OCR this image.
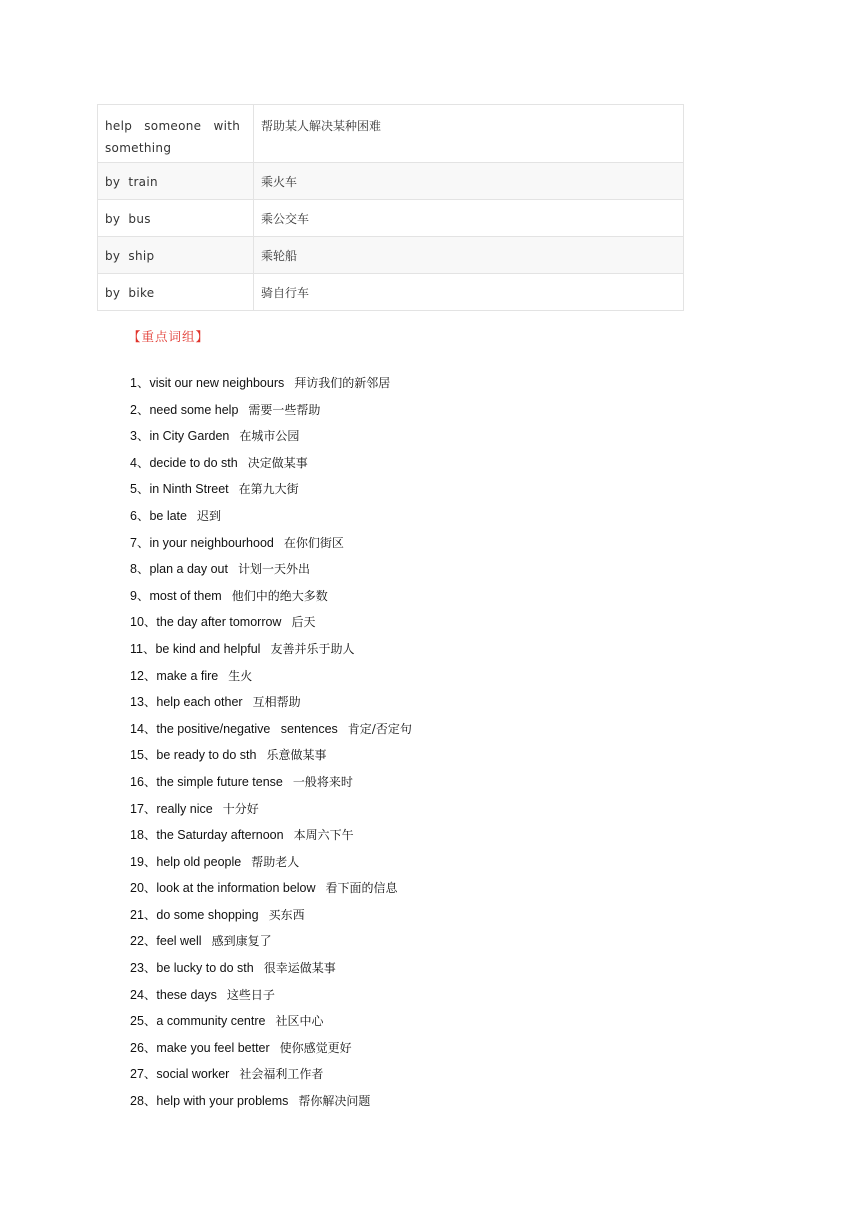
help someone with something	帮助某人解决某种困难
by train	乘火车
by bus	乘公交车
by ship	乘轮船
by bike	骑自行车
【重点词组】
1、visit our new neighbours 拜访我们的新邻居
2、need some help 需要一些帮助
3、in City Garden 在城市公园
4、decide to do sth 决定做某事
5、in Ninth Street 在第九大街
6、be late 迟到
7、in your neighbourhood 在你们街区
8、plan a day out 计划一天外出
9、most of them 他们中的绝大多数
10、the day after tomorrow 后天
11、be kind and helpful 友善并乐于助人
12、make a fire 生火
13、help each other 互相帮助
14、the positive/negative   sentences 肯定/否定句
15、be ready to do sth 乐意做某事
16、the simple future tense 一般将来时
17、really nice 十分好
18、the Saturday afternoon 本周六下午
19、help old people 帮助老人
20、look at the information below 看下面的信息
21、do some shopping 买东西
22、feel well 感到康复了
23、be lucky to do sth 很幸运做某事
24、these days 这些日子
25、a community centre 社区中心
26、make you feel better 使你感觉更好
27、social worker 社会福利工作者
28、help with your problems 帮你解决问题
